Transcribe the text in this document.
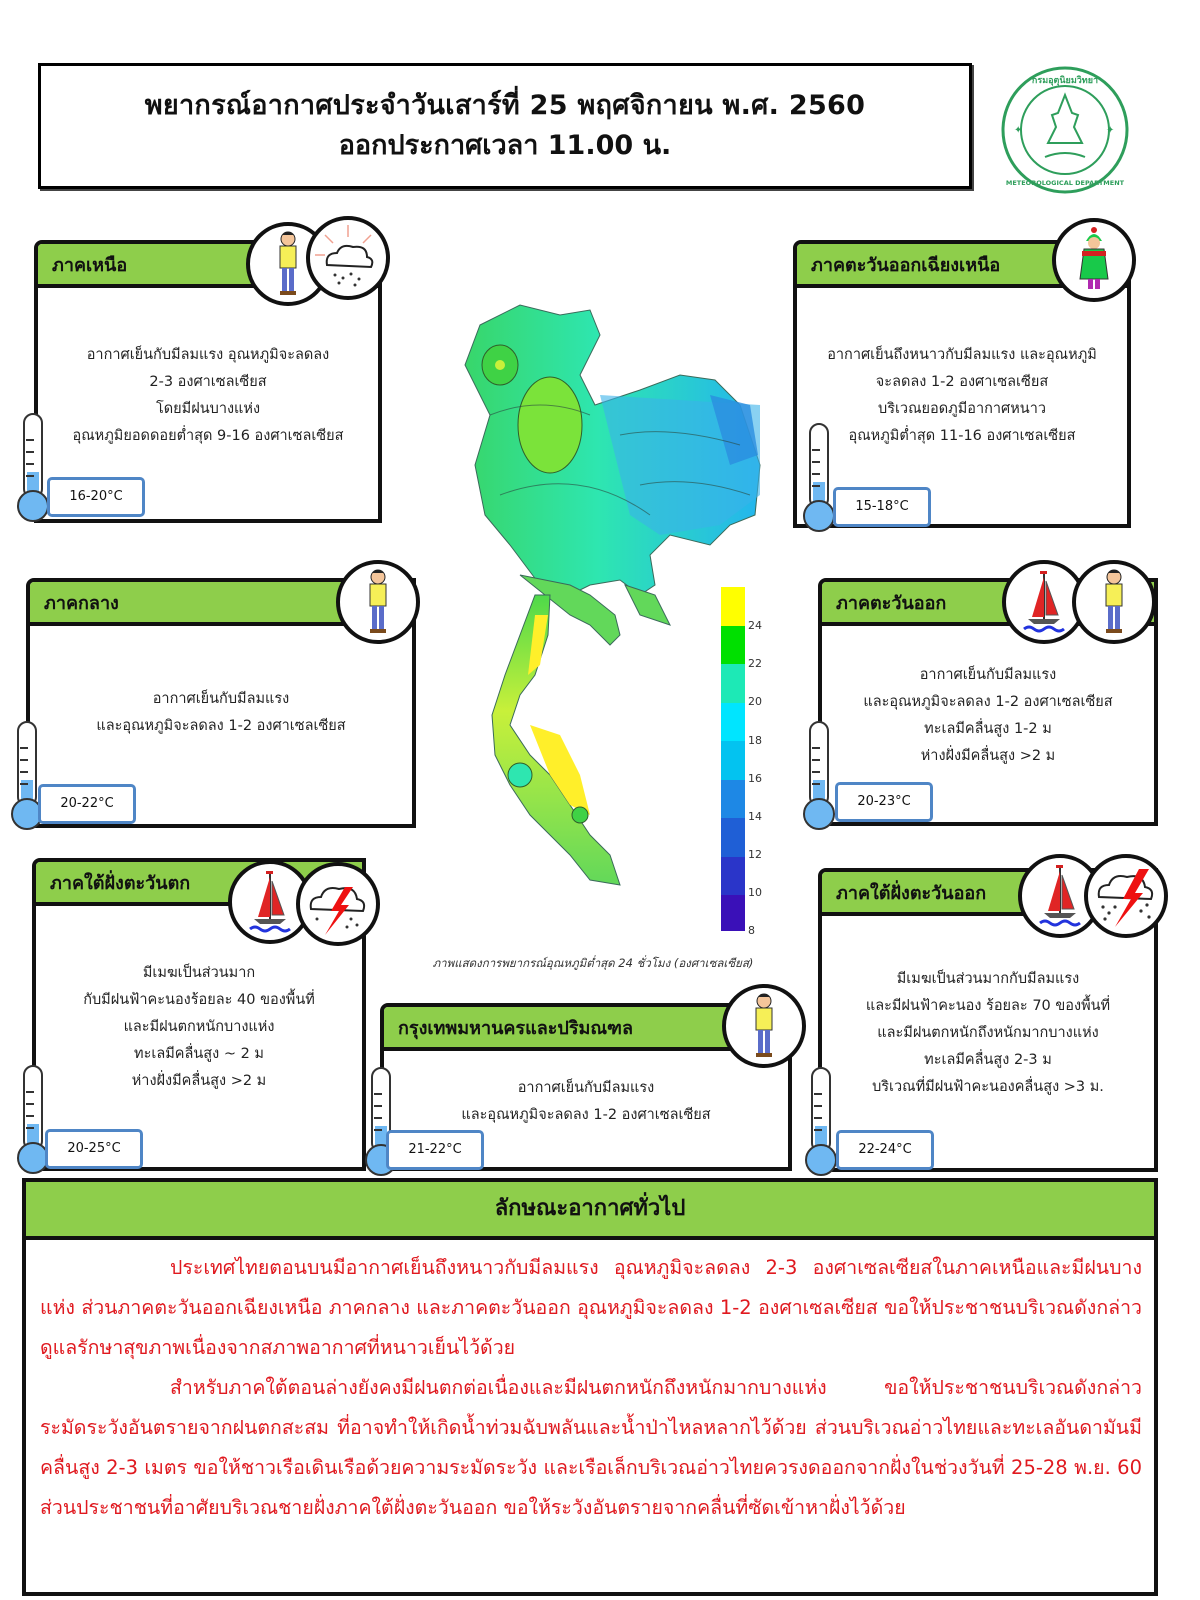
พยากรณ์อากาศประจำวันเสาร์ที่ 25 พฤศจิกายน พ.ศ. 2560
ออกประกาศเวลา 11.00 น.
กรมอุตุนิยมวิทยา
METEOROLOGICAL DEPARTMENT
✦	✦
ภาคเหนือ
อากาศเย็นกับมีลมแรง อุณหภูมิจะลดลง
2-3 องศาเซลเซียส
โดยมีฝนบางแห่ง
อุณหภูมิยอดดอยต่ำสุด 9-16 องศาเซลเซียส
16-20°C
ภาคตะวันออกเฉียงเหนือ
อากาศเย็นถึงหนาวกับมีลมแรง และอุณหภูมิ
จะลดลง 1-2 องศาเซลเซียส
บริเวณยอดภูมีอากาศหนาว
อุณหภูมิต่ำสุด 11-16 องศาเซลเซียส
15-18°C
ภาคกลาง
อากาศเย็นกับมีลมแรง
และอุณหภูมิจะลดลง 1-2 องศาเซลเซียส
20-22°C
ภาคตะวันออก
อากาศเย็นกับมีลมแรง
และอุณหภูมิจะลดลง 1-2 องศาเซลเซียส
ทะเลมีคลื่นสูง 1-2 ม
ห่างฝั่งมีคลื่นสูง >2 ม
20-23°C
ภาคใต้ฝั่งตะวันตก
มีเมฆเป็นส่วนมาก
กับมีฝนฟ้าคะนองร้อยละ 40 ของพื้นที่
และมีฝนตกหนักบางแห่ง
ทะเลมีคลื่นสูง ~ 2 ม
ห่างฝั่งมีคลื่นสูง >2 ม
20-25°C
ภาพแสดงการพยากรณ์อุณหภูมิต่ำสุด 24 ชั่วโมง (องศาเซลเซียส)
24
22
20
18
16
14
12
10
8
กรุงเทพมหานครและปริมณฑล
อากาศเย็นกับมีลมแรง
และอุณหภูมิจะลดลง 1-2 องศาเซลเซียส
21-22°C
ภาคใต้ฝั่งตะวันออก
มีเมฆเป็นส่วนมากกับมีลมแรง
และมีฝนฟ้าคะนอง ร้อยละ 70 ของพื้นที่
และมีฝนตกหนักถึงหนักมากบางแห่ง
ทะเลมีคลื่นสูง 2-3 ม
บริเวณที่มีฝนฟ้าคะนองคลื่นสูง >3 ม.
22-24°C
ลักษณะอากาศทั่วไป

ประเทศไทยตอนบนมีอากาศเย็นถึงหนาวกับมีลมแรง อุณหภูมิจะลดลง 2-3 องศาเซลเซียสในภาคเหนือและมีฝนบางแห่ง ส่วนภาคตะวันออกเฉียงเหนือ ภาคกลาง และภาคตะวันออก อุณหภูมิจะลดลง 1-2 องศาเซลเซียส ขอให้ประชาชนบริเวณดังกล่าวดูแลรักษาสุขภาพเนื่องจากสภาพอากาศที่หนาวเย็นไว้ด้วย

สำหรับภาคใต้ตอนล่างยังคงมีฝนตกต่อเนื่องและมีฝนตกหนักถึงหนักมากบางแห่ง ขอให้ประชาชนบริเวณดังกล่าวระมัดระวังอันตรายจากฝนตกสะสม ที่อาจทำให้เกิดน้ำท่วมฉับพลันและน้ำป่าไหลหลากไว้ด้วย ส่วนบริเวณอ่าวไทยและทะเลอันดามันมีคลื่นสูง 2-3 เมตร ขอให้ชาวเรือเดินเรือด้วยความระมัดระวัง และเรือเล็กบริเวณอ่าวไทยควรงดออกจากฝั่งในช่วงวันที่ 25-28 พ.ย. 60 ส่วนประชาชนที่อาศัยบริเวณชายฝั่งภาคใต้ฝั่งตะวันออก ขอให้ระวังอันตรายจากคลื่นที่ซัดเข้าหาฝั่งไว้ด้วย
